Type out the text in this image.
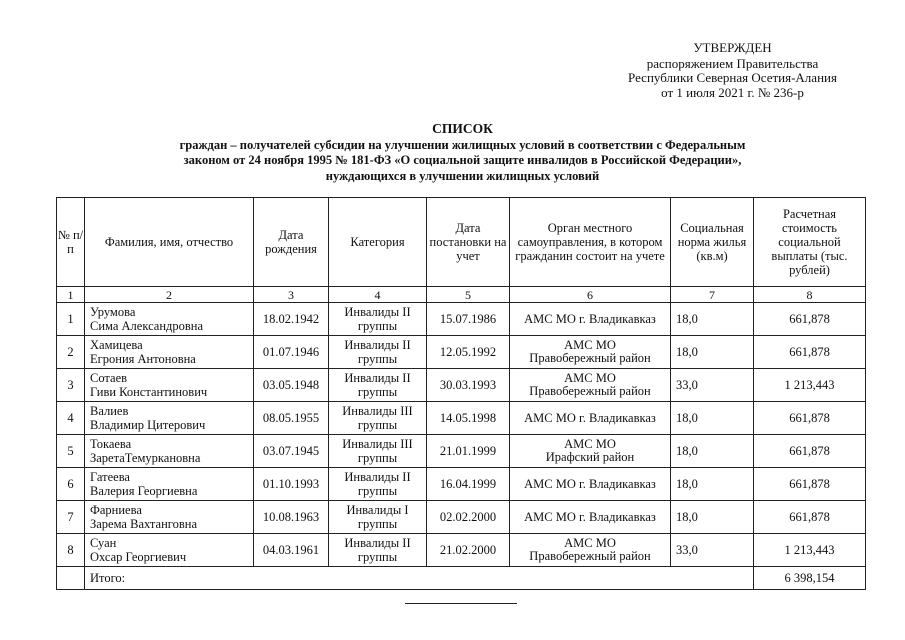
УТВЕРЖДЕН
распоряжением Правительства
Республики Северная Осетия-Алания
от 1 июля 2021 г. № 236-р
СПИСОК
граждан – получателей субсидии на улучшении жилищных условий в соответствии с Федеральным
законом от 24 ноября 1995 № 181-ФЗ «О социальной защите инвалидов в Российской Федерации»,
нуждающихся в улучшении жилищных условий
№ п/п	Фамилия, имя, отчество	Дата рождения	Категория	Дата постановки на учет	Орган местного самоуправления, в котором гражданин состоит на учете	Социальная норма жилья (кв.м)	Расчетная стоимость социальной выплаты (тыс. рублей)
1	2	3	4	5	6	7	8
1	Урумова
Сима Александровна	18.02.1942	Инвалиды II
группы	15.07.1986	АМС МО г. Владикавказ	18,0	661,878
2	Хамицева
Егрония Антоновна	01.07.1946	Инвалиды II
группы	12.05.1992	АМС МО
Правобережный район	18,0	661,878
3	Сотаев
Гиви Константинович	03.05.1948	Инвалиды II
группы	30.03.1993	АМС МО
Правобережный район	33,0	1 213,443
4	Валиев
Владимир Цитерович	08.05.1955	Инвалиды III
группы	14.05.1998	АМС МО г. Владикавказ	18,0	661,878
5	Токаева
ЗаретаТемуркановна	03.07.1945	Инвалиды III
группы	21.01.1999	АМС МО
Ирафский район	18,0	661,878
6	Гатеева
Валерия Георгиевна	01.10.1993	Инвалиды II
группы	16.04.1999	АМС МО г. Владикавказ	18,0	661,878
7	Фарниева
Зарема Вахтанговна	10.08.1963	Инвалиды I
группы	02.02.2000	АМС МО г. Владикавказ	18,0	661,878
8	Суан
Охсар Георгиевич	04.03.1961	Инвалиды II
группы	21.02.2000	АМС МО
Правобережный район	33,0	1 213,443
	Итого:						6 398,154
